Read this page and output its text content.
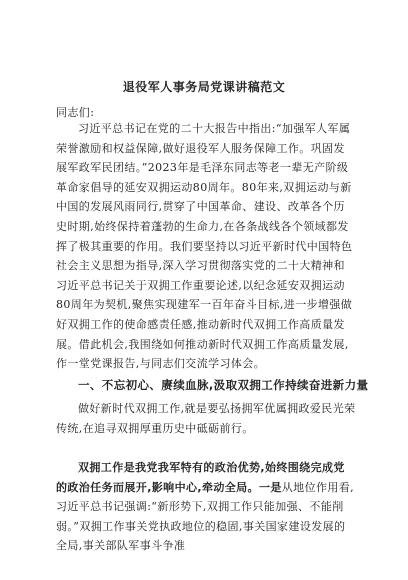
退役军人事务局党课讲稿范文
同志们:

习近平总书记在党的二十大报告中指出:“加强军人军属荣誉激励和权益保障,做好退役军人服务保障工作。巩固发展军政军民团结。”2023年是毛泽东同志等老一辈无产阶级革命家倡导的延安双拥运动80周年。80年来,双拥运动与新中国的发展风雨同行,贯穿了中国革命、建设、改革各个历史时期,始终保持着蓬勃的生命力,在各条战线各个领域都发挥了极其重要的作用。我们要坚持以习近平新时代中国特色社会主义思想为指导,深入学习贯彻落实党的二十大精神和习近平总书记关于双拥工作重要论述,以纪念延安双拥运动80周年为契机,聚焦实现建军一百年奋斗目标,进一步增强做好双拥工作的使命感责任感,推动新时代双拥工作高质量发展。借此机会,我围绕如何推动新时代双拥工作高质量发展,作一堂党课报告,与同志们交流学习体会。

一、不忘初心、赓续血脉,汲取双拥工作持续奋进新力量

做好新时代双拥工作,就是要弘扬拥军优属拥政爱民光荣传统,在追寻双拥厚重历史中砥砺前行。

双拥工作是我党我军特有的政治优势,始终围绕完成党的政治任务而展开,影响中心,牵动全局。一是从地位作用看,习近平总书记强调:“新形势下,双拥工作只能加强、不能削弱。”双拥工作事关党执政地位的稳固,事关国家建设发展的全局,事关部队军事斗争准
